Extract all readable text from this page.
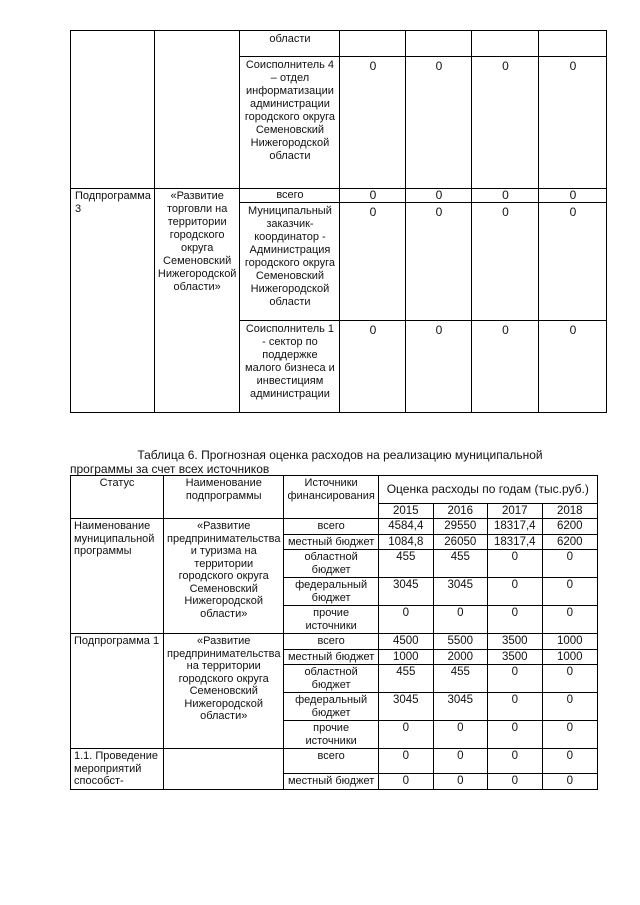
		области				
		Соисполнитель 4 – отдел информатизации администрации городского округа Семеновский Нижегородской области	0	0	0	0
Подпрограмма 3	«Развитие торговли на территории городского округа Семеновский Нижегородской области»	всего	0	0	0	0
		Муниципальный заказчик-координатор - Администрация городского округа Семеновский Нижегородской области	0	0	0	0
		Соисполнитель 1 - сектор по поддержке малого бизнеса и инвестициям администрации	0	0	0	0
Таблица 6. Прогнозная оценка расходов на реализацию муниципальной
программы за счет всех источников
Статус	Наименование подпрограммы	Источники финансирования	Оценка расходы по годам (тыс.руб.)			
			2015	2016	2017	2018
Наименование муниципальной программы	«Развитие предпринимательства и туризма на территории городского округа Семеновский Нижегородской области»	всего	4584,4	29550	18317,4	6200
		местный бюджет	1084,8	26050	18317,4	6200
		областной бюджет	455	455	0	0
		федеральный бюджет	3045	3045	0	0
		прочие источники	0	0	0	0
Подпрограмма 1	«Развитие предпринимательства на территории городского округа Семеновский Нижегородской области»	всего	4500	5500	3500	1000
		местный бюджет	1000	2000	3500	1000
		областной бюджет	455	455	0	0
		федеральный бюджет	3045	3045	0	0
		прочие источники	0	0	0	0
1.1. Проведение мероприятий способст-		всего	0	0	0	0
		местный бюджет	0	0	0	0
